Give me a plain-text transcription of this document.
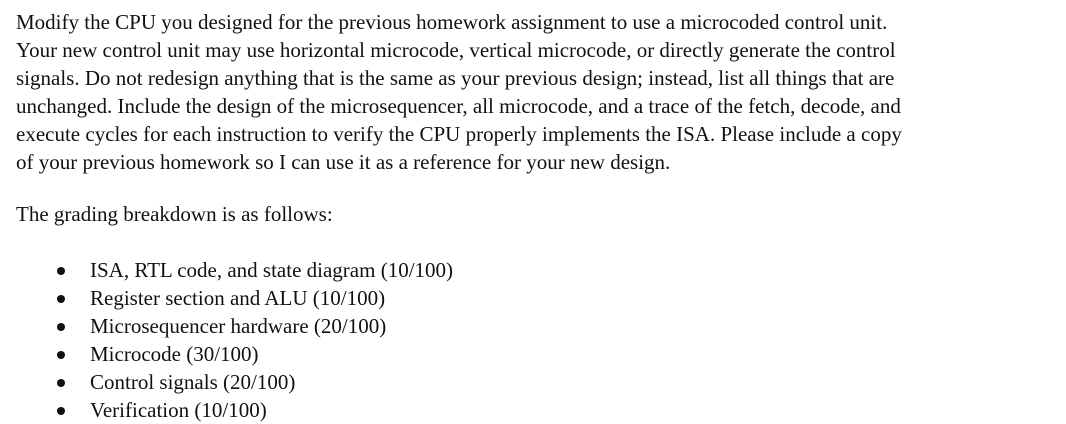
Modify the CPU you designed for the previous homework assignment to use a microcoded control unit.
Your new control unit may use horizontal microcode, vertical microcode, or directly generate the control
signals. Do not redesign anything that is the same as your previous design; instead, list all things that are
unchanged. Include the design of the microsequencer, all microcode, and a trace of the fetch, decode, and
execute cycles for each instruction to verify the CPU properly implements the ISA. Please include a copy
of your previous homework so I can use it as a reference for your new design.

The grading breakdown is as follows:

ISA, RTL code, and state diagram (10/100)
Register section and ALU (10/100)
Microsequencer hardware (20/100)
Microcode (30/100)
Control signals (20/100)
Verification (10/100)
